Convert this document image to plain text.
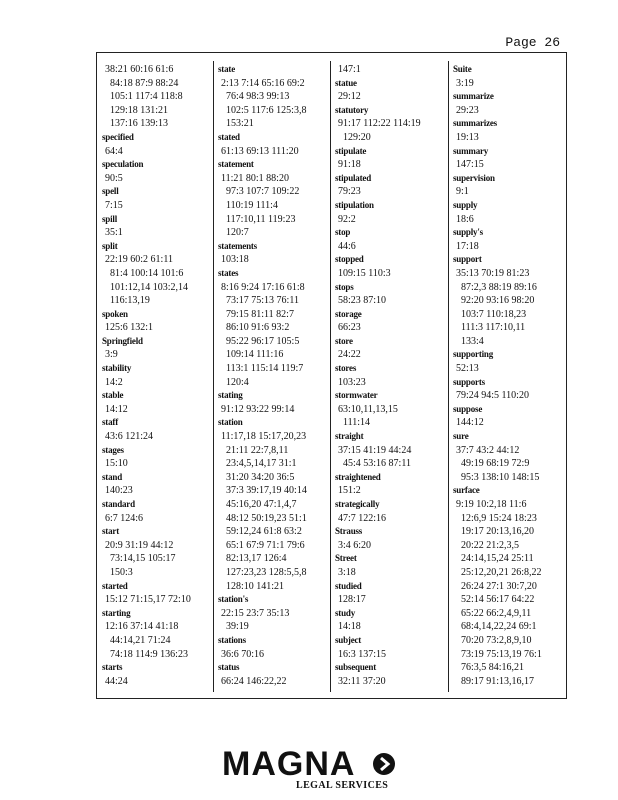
Page 26
38:21 60:16 61:6
84:18 87:9 88:24
105:1 117:4 118:8
129:18 131:21
137:16 139:13
specified
64:4
speculation
90:5
spell
7:15
spill
35:1
split
22:19 60:2 61:11
81:4 100:14 101:6
101:12,14 103:2,14
116:13,19
spoken
125:6 132:1
Springfield
3:9
stability
14:2
stable
14:12
staff
43:6 121:24
stages
15:10
stand
140:23
standard
6:7 124:6
start
20:9 31:19 44:12
73:14,15 105:17
150:3
started
15:12 71:15,17 72:10
starting
12:16 37:14 41:18
44:14,21 71:24
74:18 114:9 136:23
starts
44:24
state
2:13 7:14 65:16 69:2
76:4 98:3 99:13
102:5 117:6 125:3,8
153:21
stated
61:13 69:13 111:20
statement
11:21 80:1 88:20
97:3 107:7 109:22
110:19 111:4
117:10,11 119:23
120:7
statements
103:18
states
8:16 9:24 17:16 61:8
73:17 75:13 76:11
79:15 81:11 82:7
86:10 91:6 93:2
95:22 96:17 105:5
109:14 111:16
113:1 115:14 119:7
120:4
stating
91:12 93:22 99:14
station
11:17,18 15:17,20,23
21:11 22:7,8,11
23:4,5,14,17 31:1
31:20 34:20 36:5
37:3 39:17,19 40:14
45:16,20 47:1,4,7
48:12 50:19,23 51:1
59:12,24 61:8 63:2
65:1 67:9 71:1 79:6
82:13,17 126:4
127:23,23 128:5,5,8
128:10 141:21
station's
22:15 23:7 35:13
39:19
stations
36:6 70:16
status
66:24 146:22,22
147:1
statue
29:12
statutory
91:17 112:22 114:19
129:20
stipulate
91:18
stipulated
79:23
stipulation
92:2
stop
44:6
stopped
109:15 110:3
stops
58:23 87:10
storage
66:23
store
24:22
stores
103:23
stormwater
63:10,11,13,15
111:14
straight
37:15 41:19 44:24
45:4 53:16 87:11
straightened
151:2
strategically
47:7 122:16
Strauss
3:4 6:20
Street
3:18
studied
128:17
study
14:18
subject
16:3 137:15
subsequent
32:11 37:20
Suite
3:19
summarize
29:23
summarizes
19:13
summary
147:15
supervision
9:1
supply
18:6
supply's
17:18
support
35:13 70:19 81:23
87:2,3 88:19 89:16
92:20 93:16 98:20
103:7 110:18,23
111:3 117:10,11
133:4
supporting
52:13
supports
79:24 94:5 110:20
suppose
144:12
sure
37:7 43:2 44:12
49:19 68:19 72:9
95:3 138:10 148:15
surface
9:19 10:2,18 11:6
12:6,9 15:24 18:23
19:17 20:13,16,20
20:22 21:2,3,5
24:14,15,24 25:11
25:12,20,21 26:8,22
26:24 27:1 30:7,20
52:14 56:17 64:22
65:22 66:2,4,9,11
68:4,14,22,24 69:1
70:20 73:2,8,9,10
73:19 75:13,19 76:1
76:3,5 84:16,21
89:17 91:13,16,17
MAGNA
LEGAL SERVICES
